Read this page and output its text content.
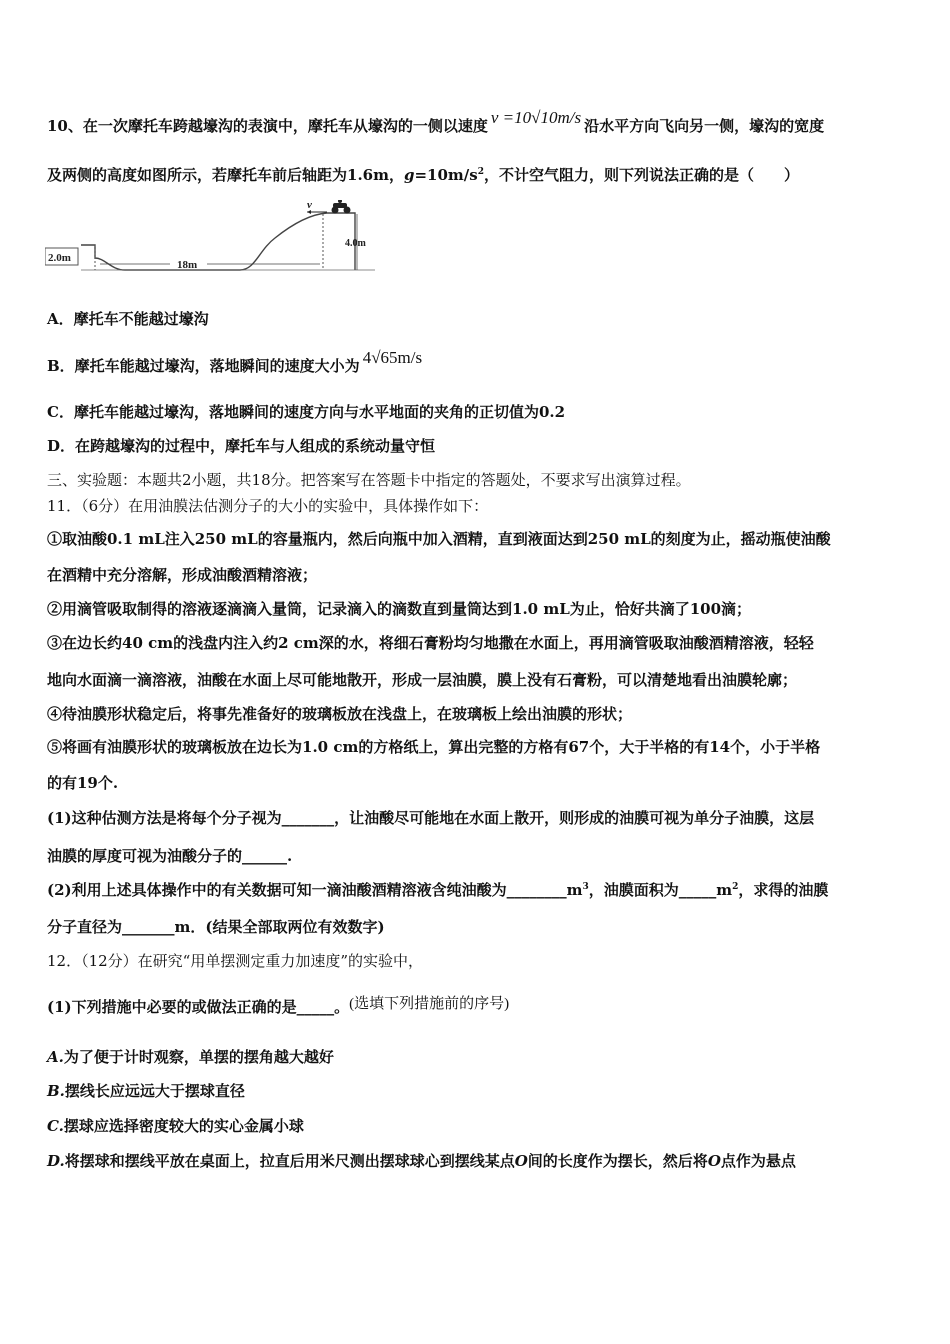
10、在一次摩托车跨越壕沟的表演中，摩托车从壕沟的一侧以速度 v =10√10m/s 沿水平方向飞向另一侧，壕沟的宽度
及两侧的高度如图所示，若摩托车前后轴距为1.6m，$g=10m/s^2$，不计空气阻力，则下列说法正确的是（　　）
2.0m
18m
4.0m
v
A．摩托车不能越过壕沟
B．摩托车能越过壕沟，落地瞬间的速度大小为 4√65m/s
C．摩托车能越过壕沟，落地瞬间的速度方向与水平地面的夹角的正切值为0.2
D．在跨越壕沟的过程中，摩托车与人组成的系统动量守恒
三、实验题：本题共2小题，共18分。把答案写在答题卡中指定的答题处，不要求写出演算过程。
11．（6分）在用油膜法估测分子的大小的实验中，具体操作如下：
①取油酸0.1 mL注入250 mL的容量瓶内，然后向瓶中加入酒精，直到液面达到250 mL的刻度为止，摇动瓶使油酸
在酒精中充分溶解，形成油酸酒精溶液；
②用滴管吸取制得的溶液逐滴滴入量筒，记录滴入的滴数直到量筒达到1.0 mL为止，恰好共滴了100滴；
③在边长约40 cm的浅盘内注入约2 cm深的水，将细石膏粉均匀地撒在水面上，再用滴管吸取油酸酒精溶液，轻轻
地向水面滴一滴溶液，油酸在水面上尽可能地散开，形成一层油膜，膜上没有石膏粉，可以清楚地看出油膜轮廓；
④待油膜形状稳定后，将事先准备好的玻璃板放在浅盘上，在玻璃板上绘出油膜的形状；
⑤将画有油膜形状的玻璃板放在边长为1.0 cm的方格纸上，算出完整的方格有67个，大于半格的有14个，小于半格
的有19个.
(1)这种估测方法是将每个分子视为_______，让油酸尽可能地在水面上散开，则形成的油膜可视为单分子油膜，这层
油膜的厚度可视为油酸分子的______.
(2)利用上述具体操作中的有关数据可知一滴油酸酒精溶液含纯油酸为$\_\_\_\_\_\_\_\_m^3$，油膜面积为$\_\_\_\_\_m^2$，求得的油膜
分子直径为_______m．(结果全部取两位有效数字)
12．（12分）在研究“用单摆测定重力加速度”的实验中，
(1)下列措施中必要的或做法正确的是_____。(选填下列措施前的序号)
A.为了便于计时观察，单摆的摆角越大越好
B.摆线长应远远大于摆球直径
C.摆球应选择密度较大的实心金属小球
D.将摆球和摆线平放在桌面上，拉直后用米尺测出摆球球心到摆线某点O间的长度作为摆长，然后将O点作为悬点
